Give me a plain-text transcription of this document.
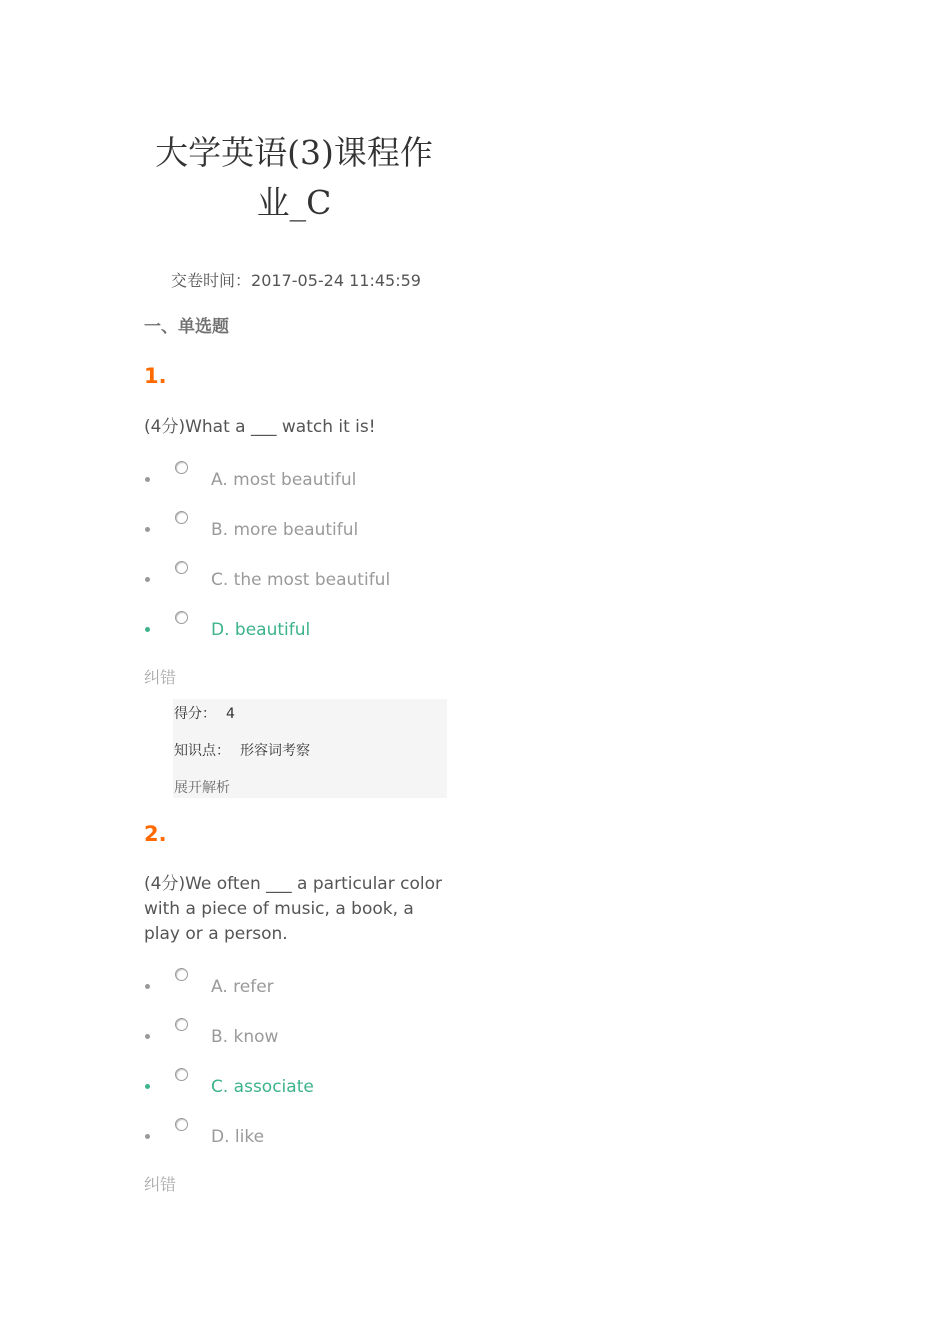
大学英语(3)课程作业_C
交卷时间：2017-05-24 11:45:59
一、单选题
1.
(4分)What a ___ watch it is!
A. most beautiful
B. more beautiful
C. the most beautiful
D. beautiful
纠错
得分： 4
知识点： 形容词考察
展开解析
2.
(4分)We often ___ a particular color with a piece of music, a book, a play or a person.
A. refer
B. know
C. associate
D. like
纠错
